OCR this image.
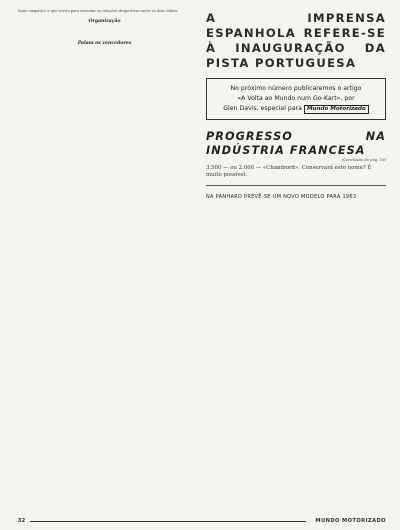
tante simpático e que serviu para estreitar as relações desportivas entre os dois clubes.
Organização

Palam os vencedores
A IMPRENSA ESPANHOLA REFERE-SE À INAUGURAÇÃO DA PISTA PORTUGUESA
No próximo número publicaremos o artigo
«A Volta ao Mundo num Go-Kart», por
Glen Davis, especial para Mundo Motorizado
PROGRESSO NA INDÚSTRIA FRANCESA
(Conclusão da pág. 16)
3.500 — ou 2.000 — «Chambord». Conservará este nome? É muito possível.
NA PANHARD PREVÊ-SE UM NOVO MODELO PARA 1963
32	MUNDO MOTORIZADO
